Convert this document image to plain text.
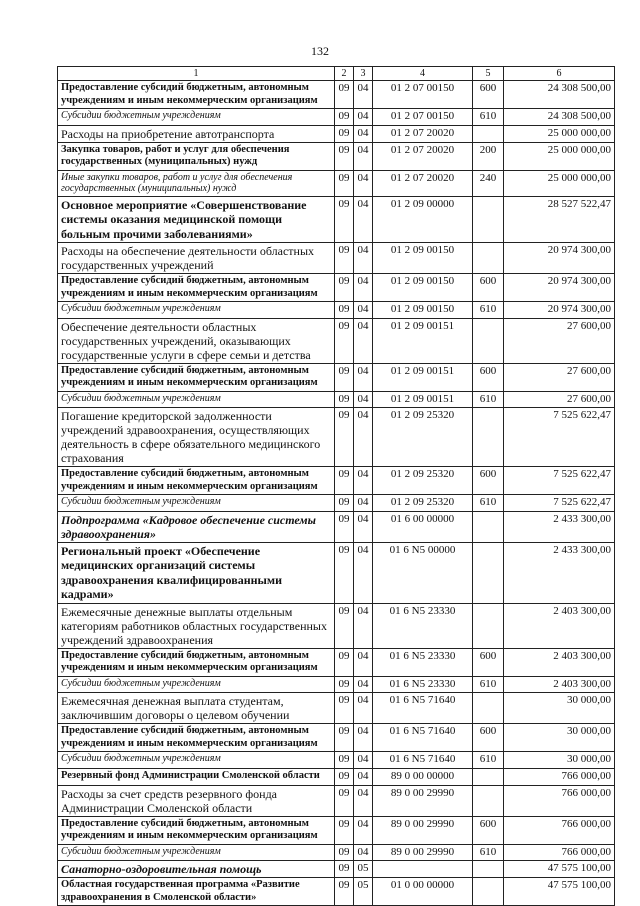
132
1	2	3	4	5	6
Предоставление субсидий бюджетным, автономным учреждениям и иным некоммерческим организациям	09	04	01 2 07 00150	600	24 308 500,00
Субсидии бюджетным учреждениям	09	04	01 2 07 00150	610	24 308 500,00
Расходы на приобретение автотранспорта	09	04	01 2 07 20020		25 000 000,00
Закупка товаров, работ и услуг для обеспечения государственных (муниципальных) нужд	09	04	01 2 07 20020	200	25 000 000,00
Иные закупки товаров, работ и услуг для обеспечения государственных (муниципальных) нужд	09	04	01 2 07 20020	240	25 000 000,00
Основное мероприятие «Совершенствование системы оказания медицинской помощи больным прочими заболеваниями»	09	04	01 2 09 00000		28 527 522,47
Расходы на обеспечение деятельности областных государственных учреждений	09	04	01 2 09 00150		20 974 300,00
Предоставление субсидий бюджетным, автономным учреждениям и иным некоммерческим организациям	09	04	01 2 09 00150	600	20 974 300,00
Субсидии бюджетным учреждениям	09	04	01 2 09 00150	610	20 974 300,00
Обеспечение деятельности областных государственных учреждений, оказывающих государственные услуги в сфере семьи и детства	09	04	01 2 09 00151		27 600,00
Предоставление субсидий бюджетным, автономным учреждениям и иным некоммерческим организациям	09	04	01 2 09 00151	600	27 600,00
Субсидии бюджетным учреждениям	09	04	01 2 09 00151	610	27 600,00
Погашение кредиторской задолженности учреждений здравоохранения, осуществляющих деятельность в сфере обязательного медицинского страхования	09	04	01 2 09 25320		7 525 622,47
Предоставление субсидий бюджетным, автономным учреждениям и иным некоммерческим организациям	09	04	01 2 09 25320	600	7 525 622,47
Субсидии бюджетным учреждениям	09	04	01 2 09 25320	610	7 525 622,47
Подпрограмма «Кадровое обеспечение системы здравоохранения»	09	04	01 6 00 00000		2 433 300,00
Региональный проект «Обеспечение медицинских организаций системы здравоохранения квалифицированными кадрами»	09	04	01 6 N5 00000		2 433 300,00
Ежемесячные денежные выплаты отдельным категориям работников областных государственных учреждений здравоохранения	09	04	01 6 N5 23330		2 403 300,00
Предоставление субсидий бюджетным, автономным учреждениям и иным некоммерческим организациям	09	04	01 6 N5 23330	600	2 403 300,00
Субсидии бюджетным учреждениям	09	04	01 6 N5 23330	610	2 403 300,00
Ежемесячная денежная выплата студентам, заключившим договоры о целевом обучении	09	04	01 6 N5 71640		30 000,00
Предоставление субсидий бюджетным, автономным учреждениям и иным некоммерческим организациям	09	04	01 6 N5 71640	600	30 000,00
Субсидии бюджетным учреждениям	09	04	01 6 N5 71640	610	30 000,00
Резервный фонд Администрации Смоленской области	09	04	89 0 00 00000		766 000,00
Расходы за счет средств резервного фонда Администрации Смоленской области	09	04	89 0 00 29990		766 000,00
Предоставление субсидий бюджетным, автономным учреждениям и иным некоммерческим организациям	09	04	89 0 00 29990	600	766 000,00
Субсидии бюджетным учреждениям	09	04	89 0 00 29990	610	766 000,00
Санаторно-оздоровительная помощь	09	05			47 575 100,00
Областная государственная программа «Развитие здравоохранения в Смоленской области»	09	05	01 0 00 00000		47 575 100,00
